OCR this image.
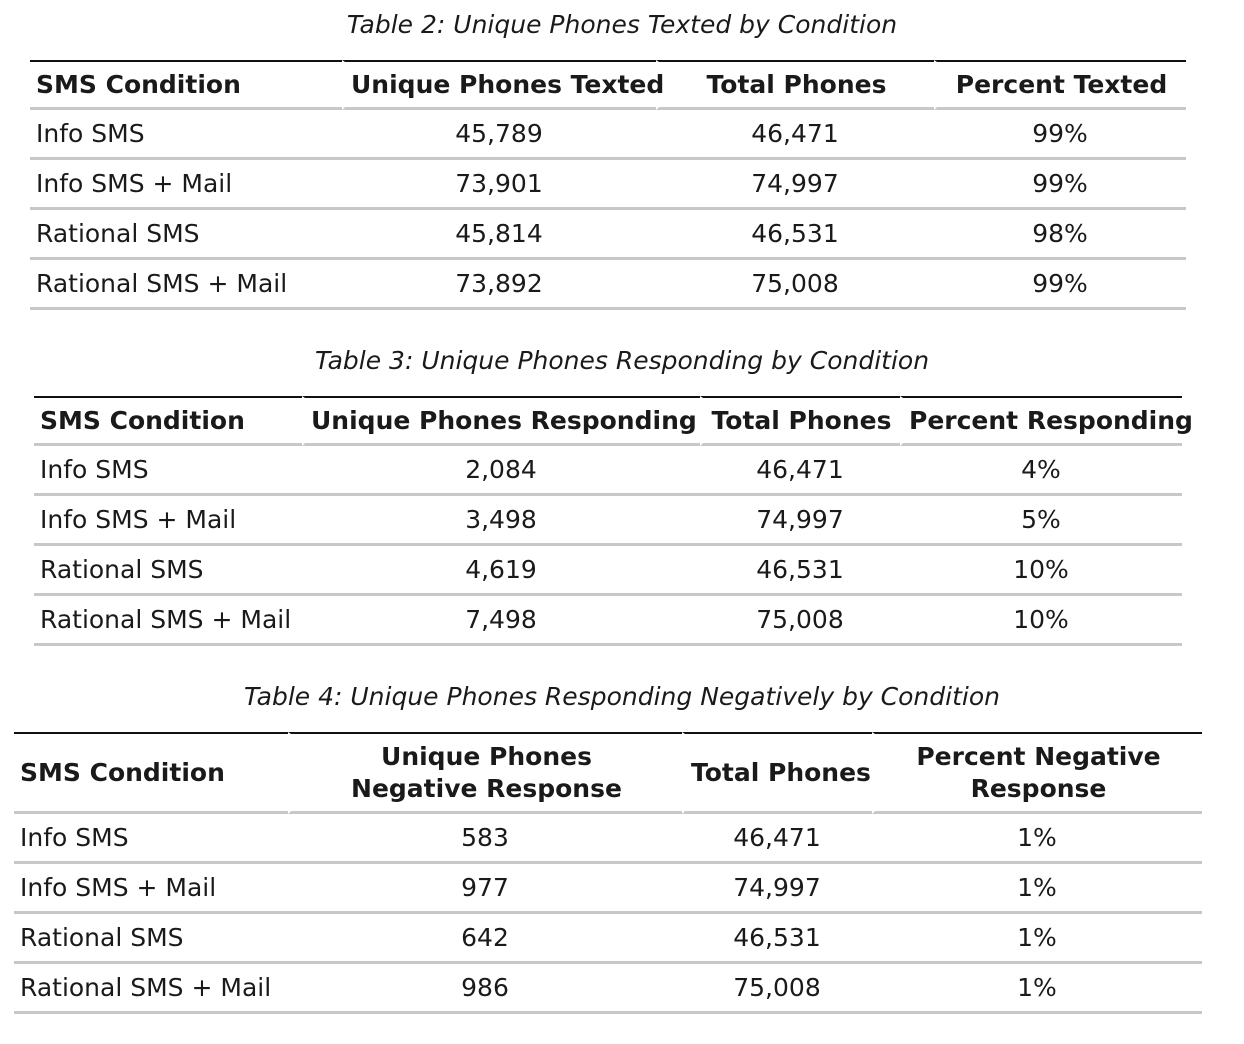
Table 2: Unique Phones Texted by Condition
SMS Condition	Unique Phones Texted	Total Phones	Percent Texted
Info SMS	45,789	46,471	99%
Info SMS + Mail	73,901	74,997	99%
Rational SMS	45,814	46,531	98%
Rational SMS + Mail	73,892	75,008	99%
Table 3: Unique Phones Responding by Condition
SMS Condition	Unique Phones Responding	Total Phones	Percent Responding
Info SMS	2,084	46,471	4%
Info SMS + Mail	3,498	74,997	5%
Rational SMS	4,619	46,531	10%
Rational SMS + Mail	7,498	75,008	10%
Table 4: Unique Phones Responding Negatively by Condition
SMS Condition	Unique Phones Negative Response	Total Phones	Percent Negative Response
Info SMS	583	46,471	1%
Info SMS + Mail	977	74,997	1%
Rational SMS	642	46,531	1%
Rational SMS + Mail	986	75,008	1%
